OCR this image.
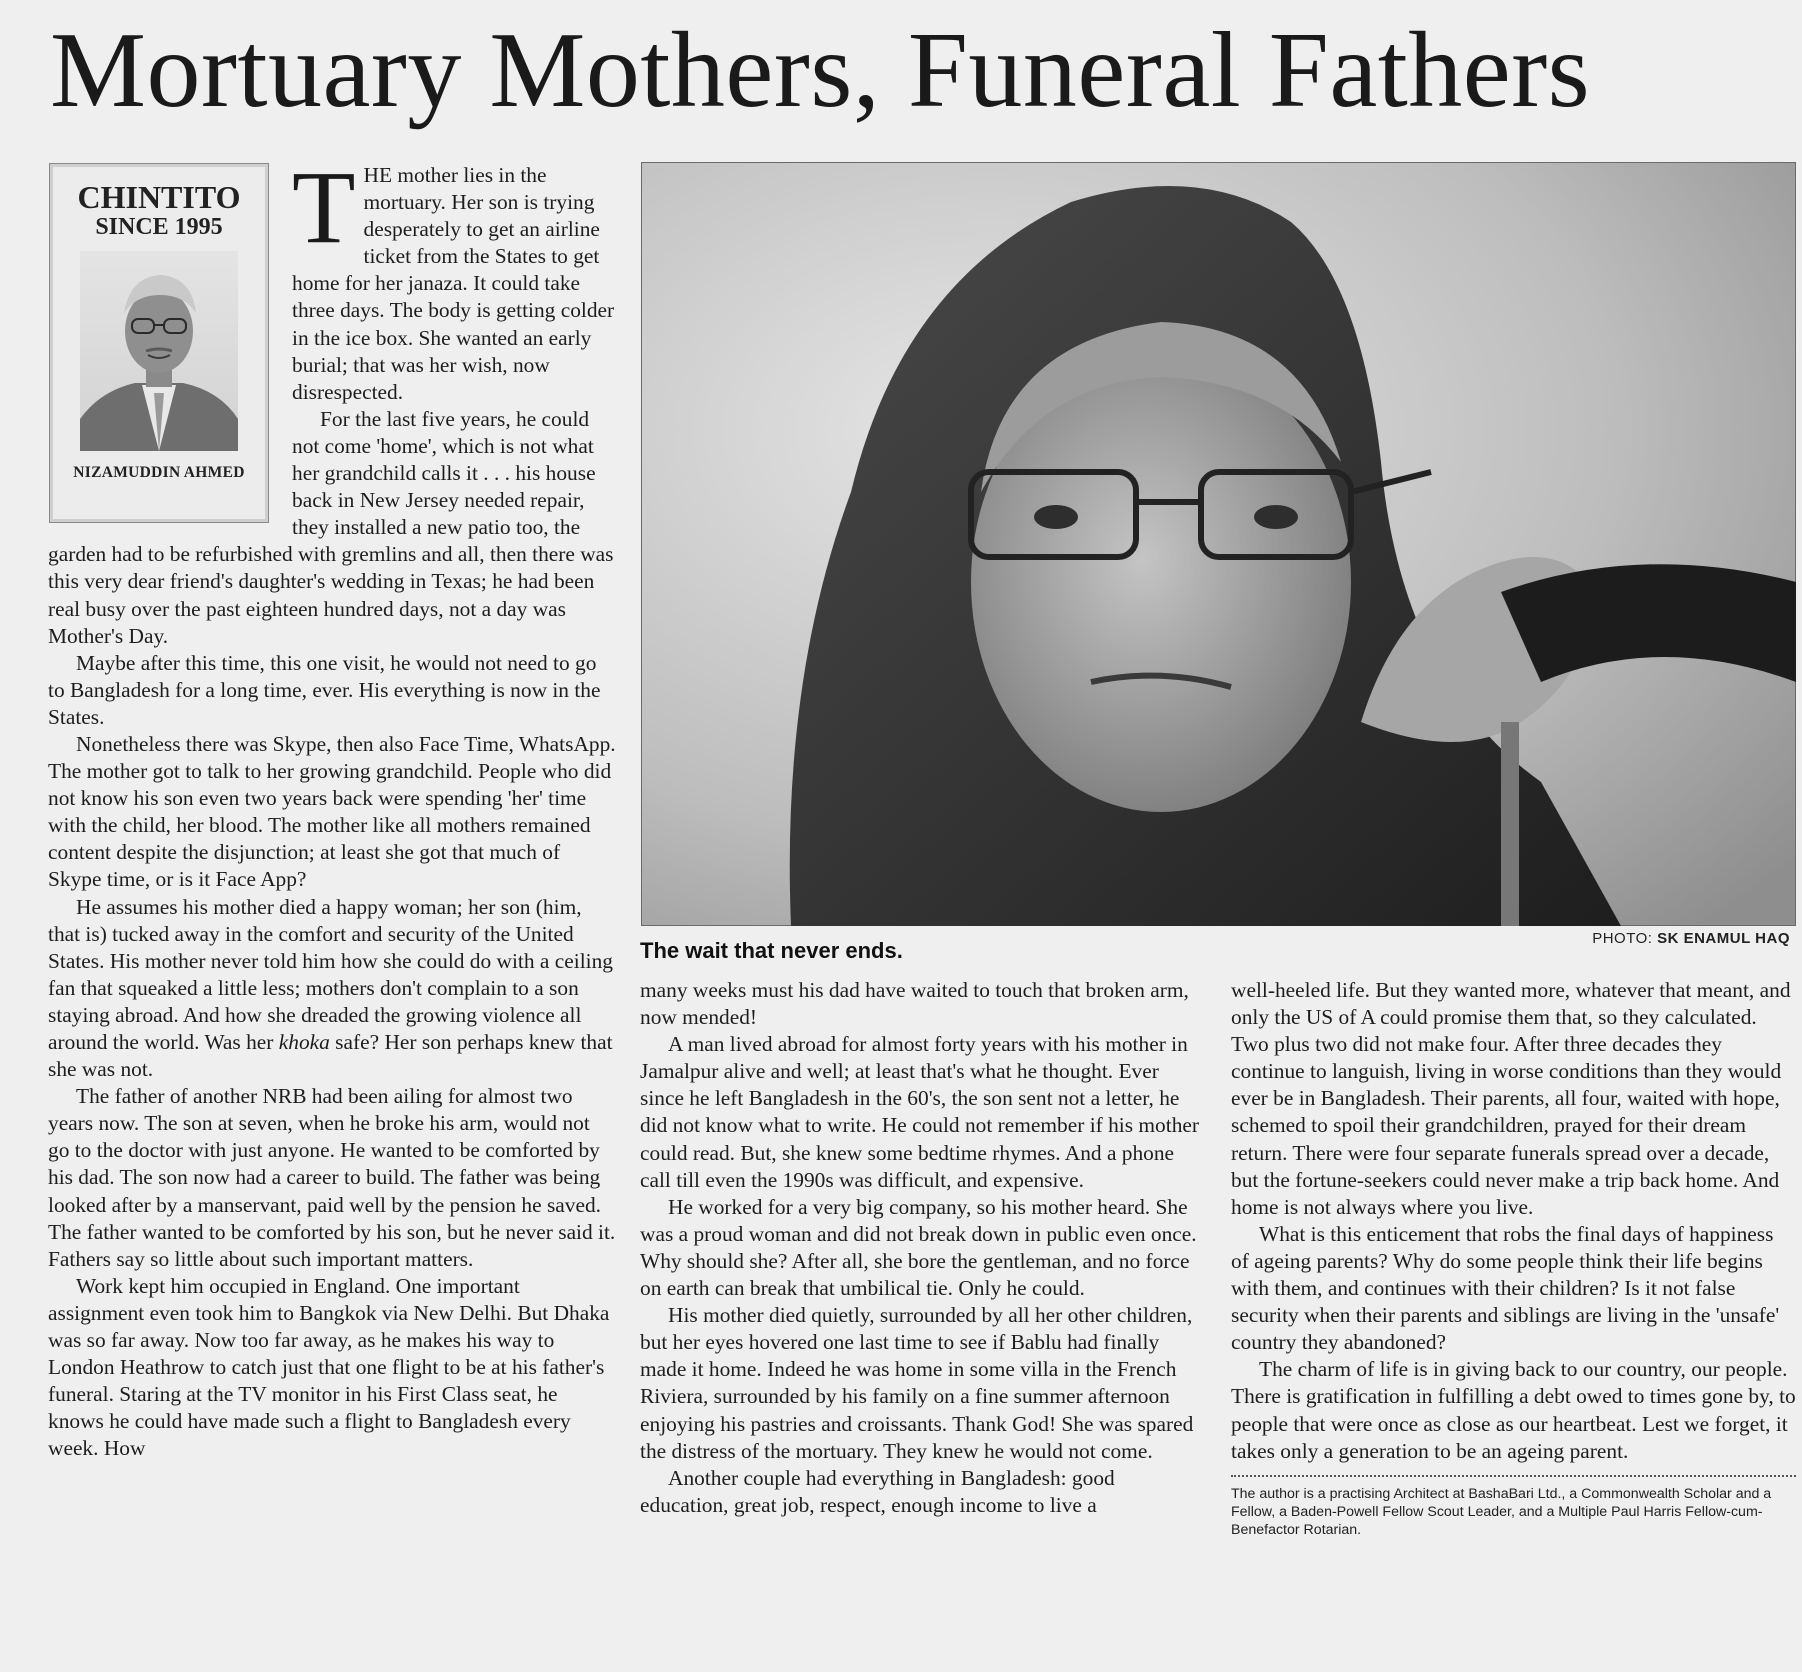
Mortuary Mothers, Funeral Fathers
CHINTITO
SINCE 1995
NIZAMUDDIN AHMED
T HE mother lies in the mortuary. Her son is trying desperately to get an airline ticket from the States to get home for her janaza. It could take three days. The body is getting colder in the ice box. She wanted an early burial; that was her wish, now disrespected.

For the last five years, he could not come 'home', which is not what her grandchild calls it . . . his house back in New Jersey needed repair, they installed a new patio too, the garden had to be refurbished with gremlins and all, then there was this very dear friend's daughter's wedding in Texas; he had been real busy over the past eighteen hundred days, not a day was Mother's Day.

Maybe after this time, this one visit, he would not need to go to Bangladesh for a long time, ever. His everything is now in the States.

Nonetheless there was Skype, then also Face Time, WhatsApp. The mother got to talk to her growing grandchild. People who did not know his son even two years back were spending 'her' time with the child, her blood. The mother like all mothers remained content despite the disjunction; at least she got that much of Skype time, or is it Face App?

He assumes his mother died a happy woman; her son (him, that is) tucked away in the comfort and security of the United States. His mother never told him how she could do with a ceiling fan that squeaked a little less; mothers don't complain to a son staying abroad. And how she dreaded the growing violence all around the world. Was her khoka safe? Her son perhaps knew that she was not.

The father of another NRB had been ailing for almost two years now. The son at seven, when he broke his arm, would not go to the doctor with just anyone. He wanted to be comforted by his dad. The son now had a career to build. The father was being looked after by a manservant, paid well by the pension he saved. The father wanted to be comforted by his son, but he never said it. Fathers say so little about such important matters.

Work kept him occupied in England. One important assignment even took him to Bangkok via New Delhi. But Dhaka was so far away. Now too far away, as he makes his way to London Heathrow to catch just that one flight to be at his father's funeral. Staring at the TV monitor in his First Class seat, he knows he could have made such a flight to Bangladesh every week. How

The wait that never ends.	PHOTO: SK ENAMUL HAQ

many weeks must his dad have waited to touch that broken arm, now mended!

A man lived abroad for almost forty years with his mother in Jamalpur alive and well; at least that's what he thought. Ever since he left Bangladesh in the 60's, the son sent not a letter, he did not know what to write. He could not remember if his mother could read. But, she knew some bedtime rhymes. And a phone call till even the 1990s was difficult, and expensive.

He worked for a very big company, so his mother heard. She was a proud woman and did not break down in public even once. Why should she? After all, she bore the gentleman, and no force on earth can break that umbilical tie. Only he could.

His mother died quietly, surrounded by all her other children, but her eyes hovered one last time to see if Bablu had finally made it home. Indeed he was home in some villa in the French Riviera, surrounded by his family on a fine summer afternoon enjoying his pastries and croissants. Thank God! She was spared the distress of the mortuary. They knew he would not come.

Another couple had everything in Bangladesh: good education, great job, respect, enough income to live a

well-heeled life. But they wanted more, whatever that meant, and only the US of A could promise them that, so they calculated. Two plus two did not make four. After three decades they continue to languish, living in worse conditions than they would ever be in Bangladesh. Their parents, all four, waited with hope, schemed to spoil their grandchildren, prayed for their dream return. There were four separate funerals spread over a decade, but the fortune-seekers could never make a trip back home. And home is not always where you live.

What is this enticement that robs the final days of happiness of ageing parents? Why do some people think their life begins with them, and continues with their children? Is it not false security when their parents and siblings are living in the 'unsafe' country they abandoned?

The charm of life is in giving back to our country, our people. There is gratification in fulfilling a debt owed to times gone by, to people that were once as close as our heartbeat. Lest we forget, it takes only a generation to be an ageing parent.

The author is a practising Architect at BashaBari Ltd., a Commonwealth Scholar and a Fellow, a Baden-Powell Fellow Scout Leader, and a Multiple Paul Harris Fellow-cum-Benefactor Rotarian.
